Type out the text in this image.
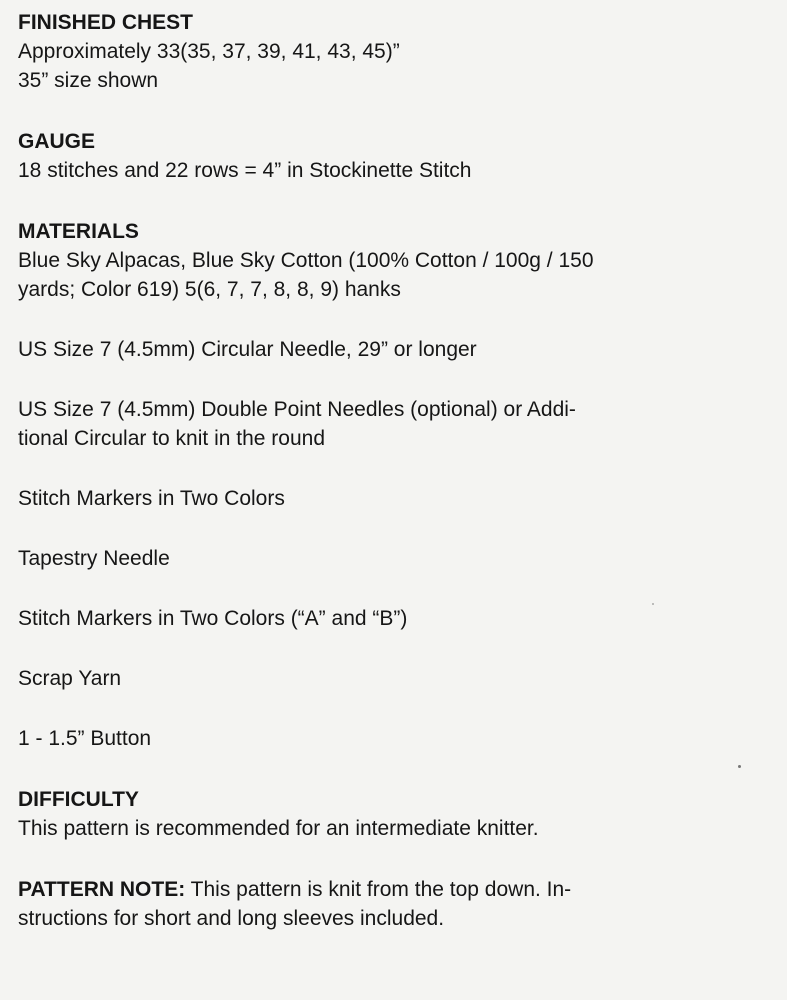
FINISHED CHEST

Approximately 33(35, 37, 39, 41, 43, 45)”

35” size shown

GAUGE

18 stitches and 22 rows = 4” in Stockinette Stitch

MATERIALS

Blue Sky Alpacas, Blue Sky Cotton (100% Cotton / 100g / 150

yards; Color 619) 5(6, 7, 7, 8, 8, 9) hanks

US Size 7 (4.5mm) Circular Needle, 29” or longer

US Size 7 (4.5mm) Double Point Needles (optional) or Addi-

tional Circular to knit in the round

Stitch Markers in Two Colors

Tapestry Needle

Stitch Markers in Two Colors (“A” and “B”)

Scrap Yarn

1 - 1.5” Button

DIFFICULTY

This pattern is recommended for an intermediate knitter.

PATTERN NOTE: This pattern is knit from the top down. In-

structions for short and long sleeves included.
